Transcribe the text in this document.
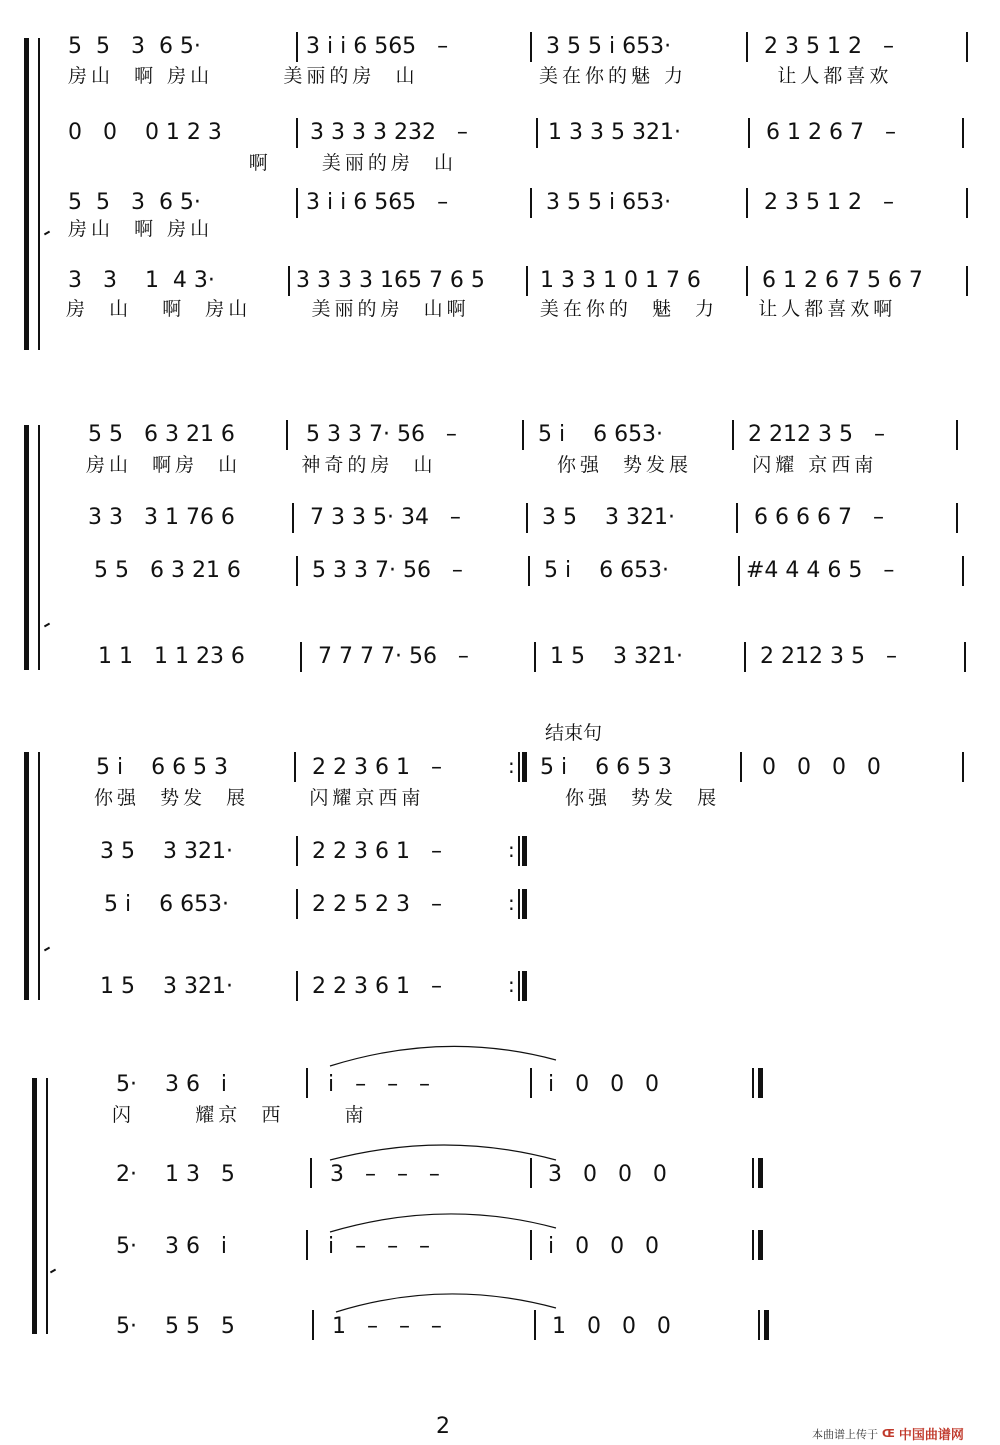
5  5   3  6 5·	3 i i 6 565   –	3 5 5 i 653·	2 3 5 1 2   –
房山  啊 房山       美丽的房  山            美在你的魅 力         让人都喜欢
0   0    0 1 2 3	3 3 3 3 232   –	1 3 3 5 321·	6 1 2 6 7   –
啊     美丽的房  山
5  5   3  6 5·	3 i i 6 565   –	3 5 5 i 653·	2 3 5 1 2   –
房山  啊 房山
3   3    1  4 3·	3 3 3 3 165 7 6 5	1 3 3 1 0 1 7 6	6 1 2 6 7 5 6 7
房  山   啊  房山      美丽的房  山啊       美在你的  魅  力    让人都喜欢啊
5 5   6 3 21 6	5 3 3 7· 56   –	5 i    6 653·	2 212 3 5   –
房山  啊房  山      神奇的房  山            你强  势发展      闪耀 京西南
3 3   3 1 76 6	7 3 3 5· 34   –	3 5    3 321·	6 6 6 6 7   –
5 5   6 3 21 6	5 3 3 7· 56   –	5 i    6 653·	#4 4 4 6 5   –
1 1   1 1 23 6	7 7 7 7· 56   –	1 5    3 321·	2 212 3 5   –
结束句
5 i    6 6 5 3	2 2 3 6 1   –	: 5 i    6 6 5 3	0   0   0   0
你强  势发  展      闪耀京西南              你强  势发  展
3 5    3 321·	2 2 3 6 1   –	:
5 i    6 653·	2 2 5 2 3   –	:
1 5    3 321·	2 2 3 6 1   –	:
5·    3 6   i	i   –   –   –	i   0   0   0
闪      耀京  西      南
2·    1 3   5	3   –   –   –	3   0   0   0
5·    3 6   i	i   –   –   –	i   0   0   0
5·    5 5   5	1   –   –   –	1   0   0   0
2	本曲谱上传于 Œ 中国曲谱网
